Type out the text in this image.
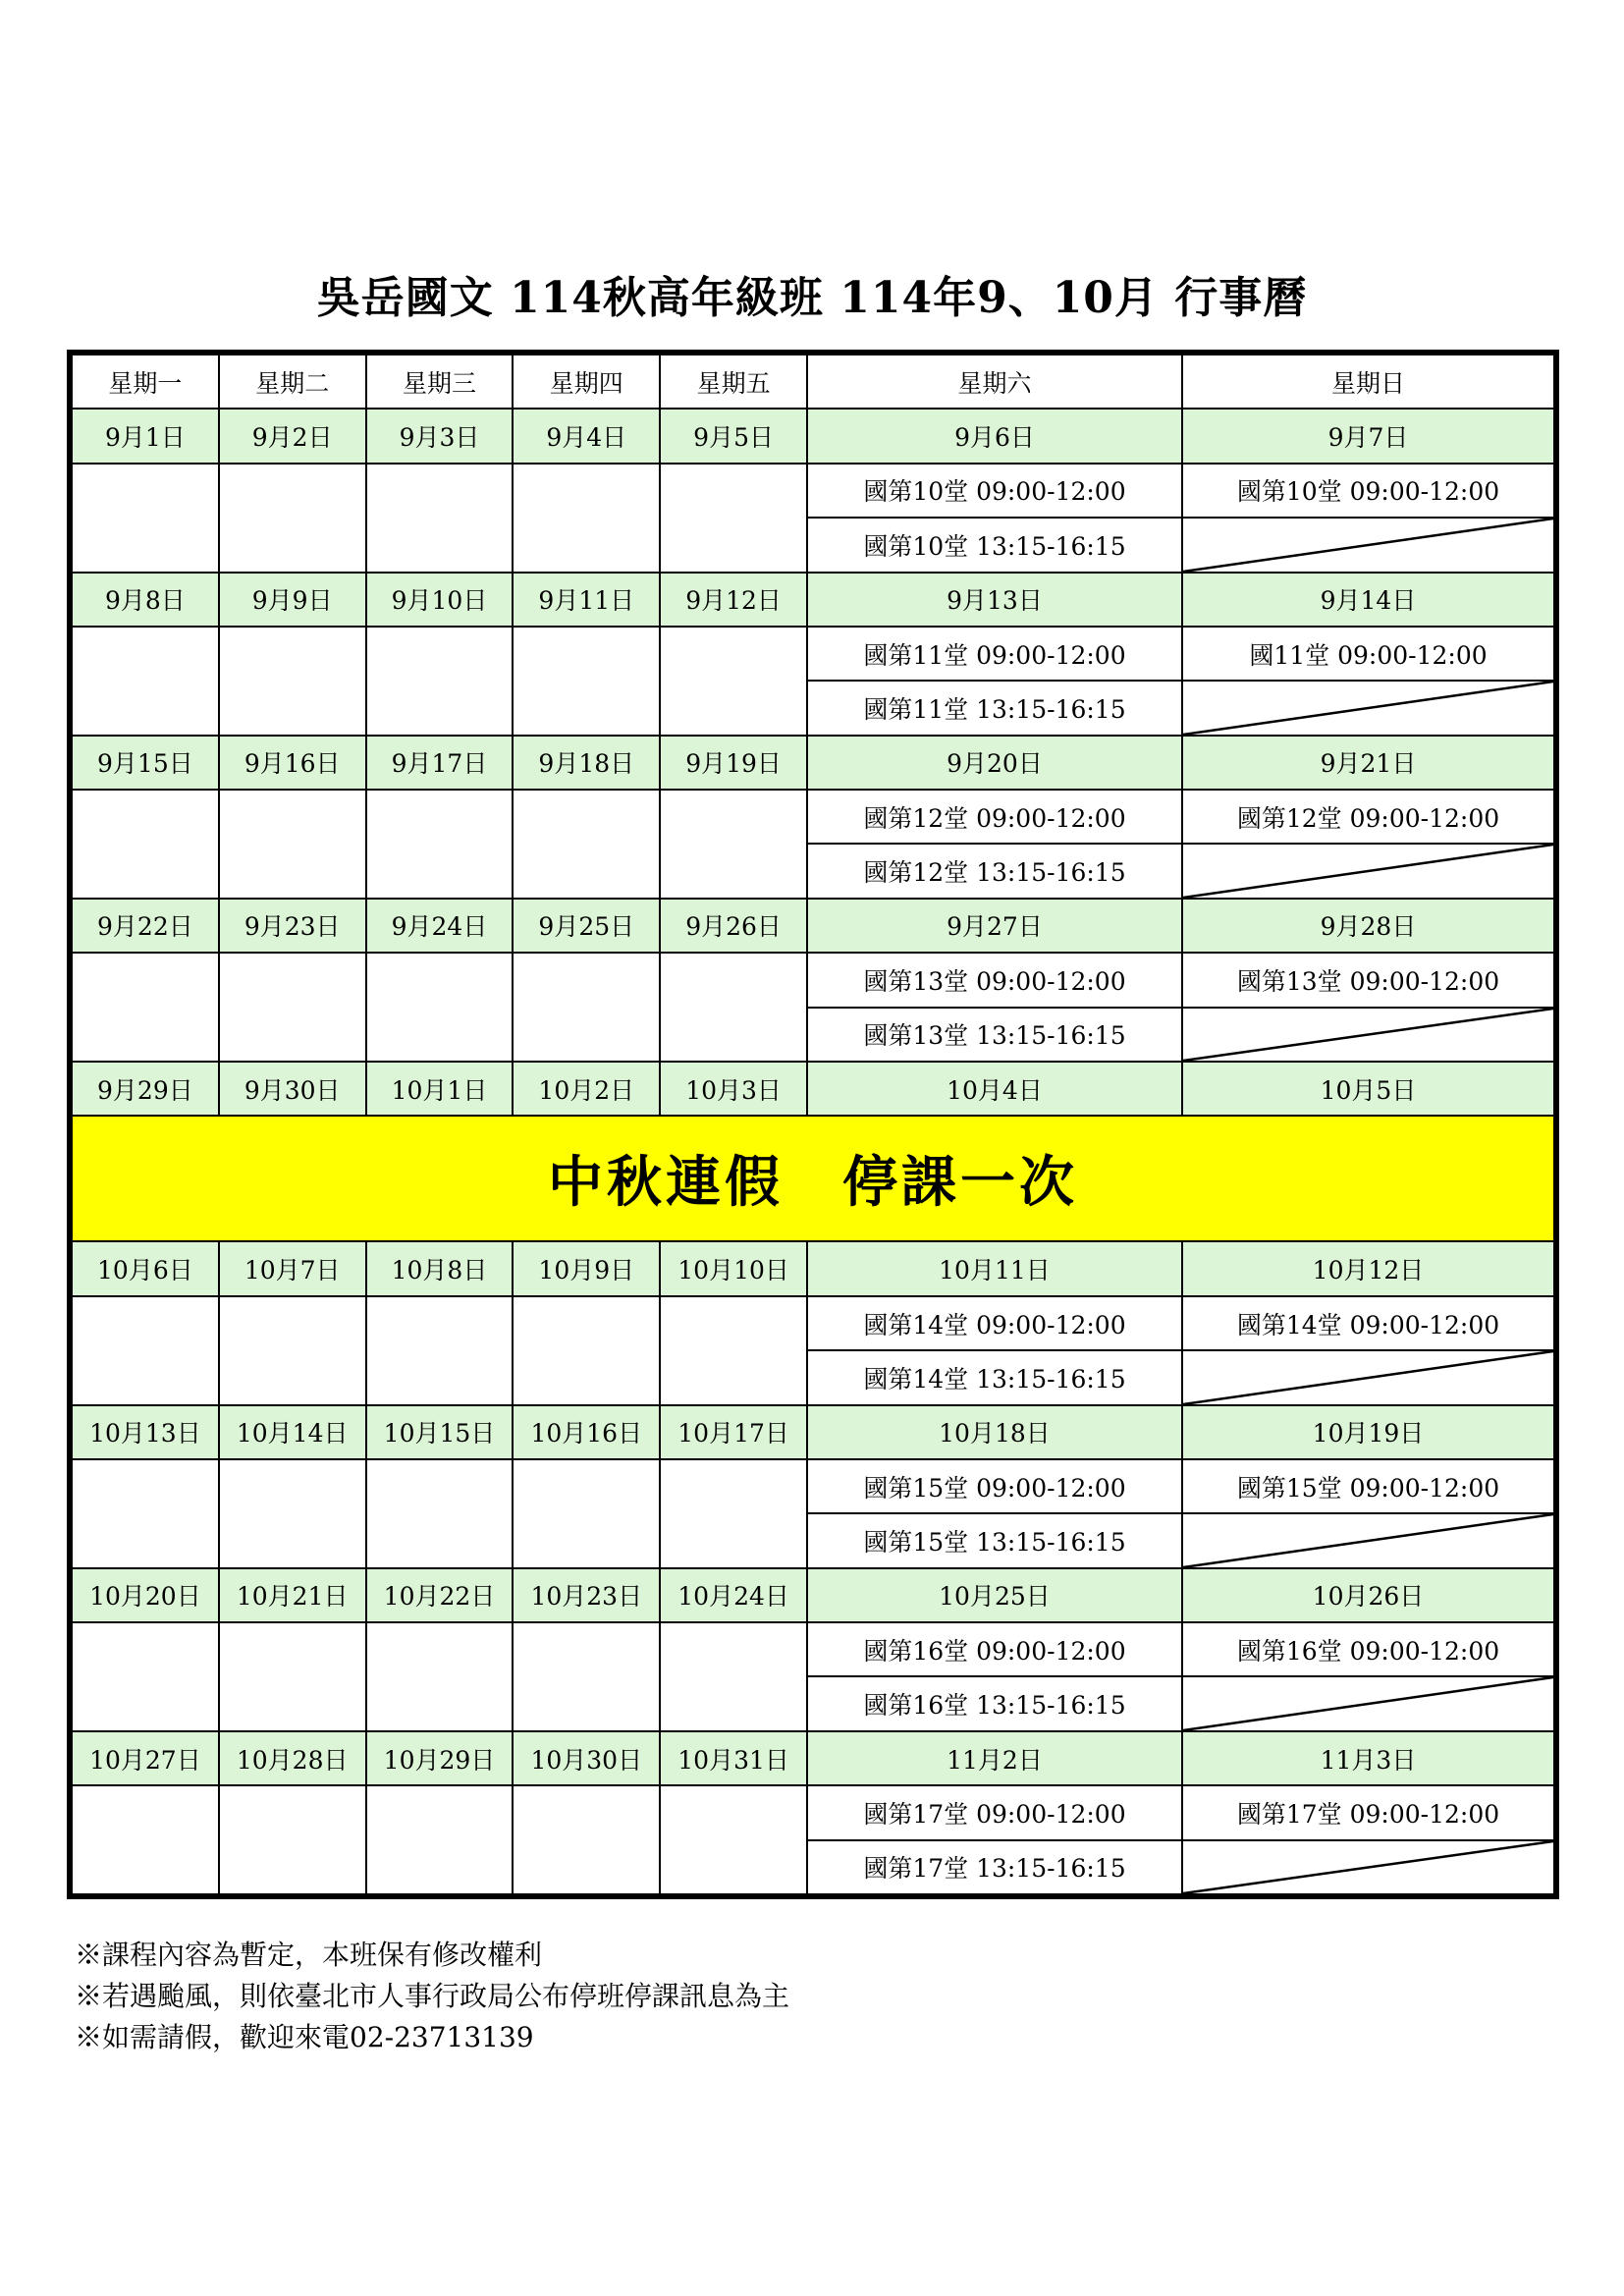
吳岳國文 114秋高年級班 114年9、10月 行事曆
星期一	星期二	星期三	星期四	星期五	星期六	星期日
9月1日	9月2日	9月3日	9月4日	9月5日	9月6日	9月7日
					國第10堂 09:00-12:00	國第10堂 09:00-12:00
					國第10堂 13:15-16:15	
9月8日	9月9日	9月10日	9月11日	9月12日	9月13日	9月14日
					國第11堂 09:00-12:00	國11堂 09:00-12:00
					國第11堂 13:15-16:15	
9月15日	9月16日	9月17日	9月18日	9月19日	9月20日	9月21日
					國第12堂 09:00-12:00	國第12堂 09:00-12:00
					國第12堂 13:15-16:15	
9月22日	9月23日	9月24日	9月25日	9月26日	9月27日	9月28日
					國第13堂 09:00-12:00	國第13堂 09:00-12:00
					國第13堂 13:15-16:15	
9月29日	9月30日	10月1日	10月2日	10月3日	10月4日	10月5日
中秋連假 停課一次						
10月6日	10月7日	10月8日	10月9日	10月10日	10月11日	10月12日
					國第14堂 09:00-12:00	國第14堂 09:00-12:00
					國第14堂 13:15-16:15	
10月13日	10月14日	10月15日	10月16日	10月17日	10月18日	10月19日
					國第15堂 09:00-12:00	國第15堂 09:00-12:00
					國第15堂 13:15-16:15	
10月20日	10月21日	10月22日	10月23日	10月24日	10月25日	10月26日
					國第16堂 09:00-12:00	國第16堂 09:00-12:00
					國第16堂 13:15-16:15	
10月27日	10月28日	10月29日	10月30日	10月31日	11月2日	11月3日
					國第17堂 09:00-12:00	國第17堂 09:00-12:00
					國第17堂 13:15-16:15	
※課程內容為暫定，本班保有修改權利
※若遇颱風，則依臺北市人事行政局公布停班停課訊息為主
※如需請假，歡迎來電02-23713139
